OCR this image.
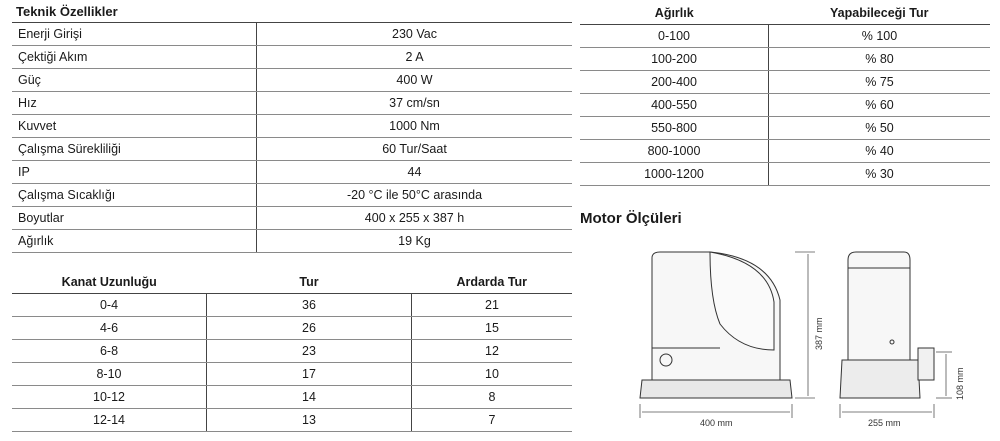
Teknik Özellikler	
Enerji Girişi	230 Vac
Çektiği Akım	2 A
Güç	400 W
Hız	37 cm/sn
Kuvvet	1000 Nm
Çalışma Sürekliliği	60 Tur/Saat
IP	44
Çalışma Sıcaklığı	-20 °C ile 50°C arasında
Boyutlar	400 x 255 x 387 h
Ağırlık	19 Kg
Kanat Uzunluğu	Tur	Ardarda Tur
0-4	36	21
4-6	26	15
6-8	23	12
8-10	17	10
10-12	14	8
12-14	13	7
Ağırlık	Yapabileceği Tur
0-100	% 100
100-200	% 80
200-400	% 75
400-550	% 60
550-800	% 50
800-1000	% 40
1000-1200	% 30
Motor Ölçüleri
400 mm
387 mm
255 mm
108 mm
